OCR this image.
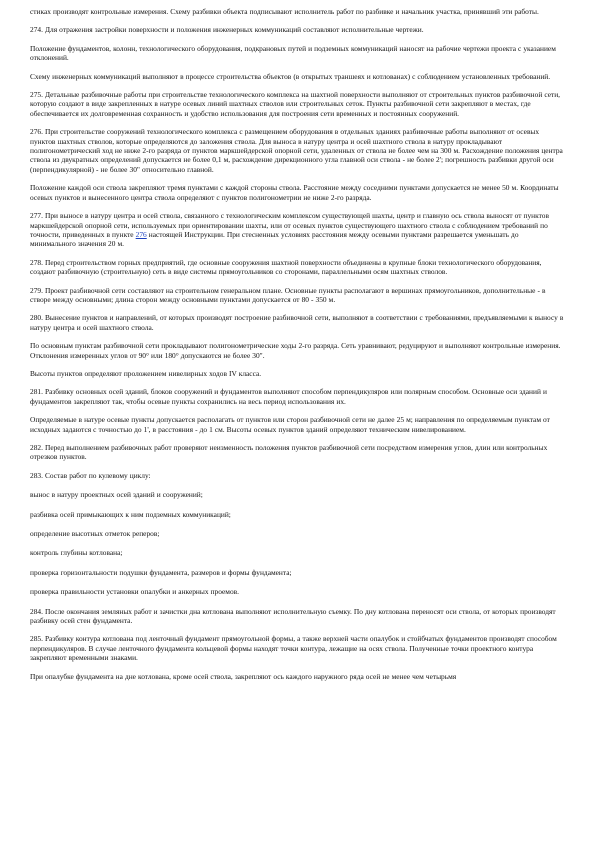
стиках производят контрольные измерения. Схему разбивки объекта подписывают исполнитель работ по разбивке и начальник участка, принявший эти работы.

274. Для отражения застройки поверхности и положения инженерных коммуникаций составляют исполнительные чертежи.

Положение фундаментов, колонн, технологического оборудования, подкрановых путей и подземных коммуникаций наносят на рабочие чертежи проекта с указанием отклонений.

Схему инженерных коммуникаций выполняют в процессе строительства объектов (в открытых траншеях и котлованах) с соблюдением установленных требований.

275. Детальные разбивочные работы при строительстве технологического комплекса на шахтной поверхности выполняют от строительных пунктов разбивочной сети, которую создают в виде закрепленных в натуре осевых линий шахтных стволов или строительных сеток. Пункты разбивочной сети закрепляют в местах, где обеспечивается их долговременная сохранность и удобство использования для построения сети временных и постоянных сооружений.

276. При строительстве сооружений технологического комплекса с размещением оборудования в отдельных зданиях разбивочные работы выполняют от осевых пунктов шахтных стволов, которые определяются до заложения ствола. Для выноса в натуру центра и осей шахтного ствола в натуру прокладывают полигонометрический ход не ниже 2-го разряда от пунктов маркшейдерской опорной сети, удаленных от ствола не более чем на 300 м. Расхождение положения центра ствола из двукратных определений допускается не более 0,1 м, расхождение дирекционного угла главной оси ствола - не более 2'; погрешность разбивки другой оси (перпендикулярной) - не более 30" относительно главной.

Положение каждой оси ствола закрепляют тремя пунктами с каждой стороны ствола. Расстояние между соседними пунктами допускается не менее 50 м. Координаты осевых пунктов и вынесенного центра ствола определяют с пунктов полигонометрии не ниже 2-го разряда.

277. При выносе в натуру центра и осей ствола, связанного с технологическим комплексом существующей шахты, центр и главную ось ствола выносят от пунктов маркшейдерской опорной сети, используемых при ориентировании шахты, или от осевых пунктов существующего шахтного ствола с соблюдением требований по точности, приведенных в пункте 276 настоящей Инструкции. При стесненных условиях расстояния между осевыми пунктами разрешается уменьшать до минимального значения 20 м.

278. Перед строительством горных предприятий, где основные сооружения шахтной поверхности объединены в крупные блоки технологического оборудования, создают разбивочную (строительную) сеть в виде системы прямоугольников со сторонами, параллельными осям шахтных стволов.

279. Проект разбивочной сети составляют на строительном генеральном плане. Основные пункты располагают в вершинах прямоугольников, дополнительные - в створе между основными; длина сторон между основными пунктами допускается от 80 - 350 м.

280. Вынесение пунктов и направлений, от которых производят построение разбивочной сети, выполняют в соответствии с требованиями, предъявляемыми к выносу в натуру центра и осей шахтного ствола.

По основным пунктам разбивочной сети прокладывают полигонометрические ходы 2-го разряда. Сеть уравнивают, редуцируют и выполняют контрольные измерения. Отклонения измеренных углов от 90° или 180° допускаются не более 30".

Высоты пунктов определяют проложением нивелирных ходов IV класса.

281. Разбивку основных осей зданий, блоков сооружений и фундаментов выполняют способом перпендикуляров или полярным способом. Основные оси зданий и фундаментов закрепляют так, чтобы осевые пункты сохранились на весь период использования их.

Определяемые в натуре осевые пункты допускается располагать от пунктов или сторон разбивочной сети не далее 25 м; направления по определяемым пунктам от исходных задаются с точностью до 1', в расстояния - до 1 см. Высоты осевых пунктов зданий определяют техническим нивелированием.

282. Перед выполнением разбивочных работ проверяют неизменность положения пунктов разбивочной сети посредством измерения углов, длин или контрольных отрезков пунктов.

283. Состав работ по кулевому циклу:

вынос в натуру проектных осей зданий и сооружений;

разбивка осей примыкающих к ним подземных коммуникаций;

определение высотных отметок реперов;

контроль глубины котлована;

проверка горизонтальности подушки фундамента, размеров и формы фундамента;

проверка правильности установки опалубки и анкерных проемов.

284. После окончания земляных работ и зачистки дна котлована выполняют исполнительную съемку. По дну котлована переносят оси ствола, от которых производят разбивку осей стен фундамента.

285. Разбивку контура котлована под ленточный фундамент прямоугольной формы, а также верхней части опалубок и стойбчатых фундаментов производят способом перпендикуляров. В случае ленточного фундамента кольцевой формы находят точки контура, лежащие на осях ствола. Полученные точки проектного контура закрепляют временными знаками.

При опалубке фундамента на дне котлована, кроме осей ствола, закрепляют ось каждого наружного ряда осей не менее чем четырьмя
